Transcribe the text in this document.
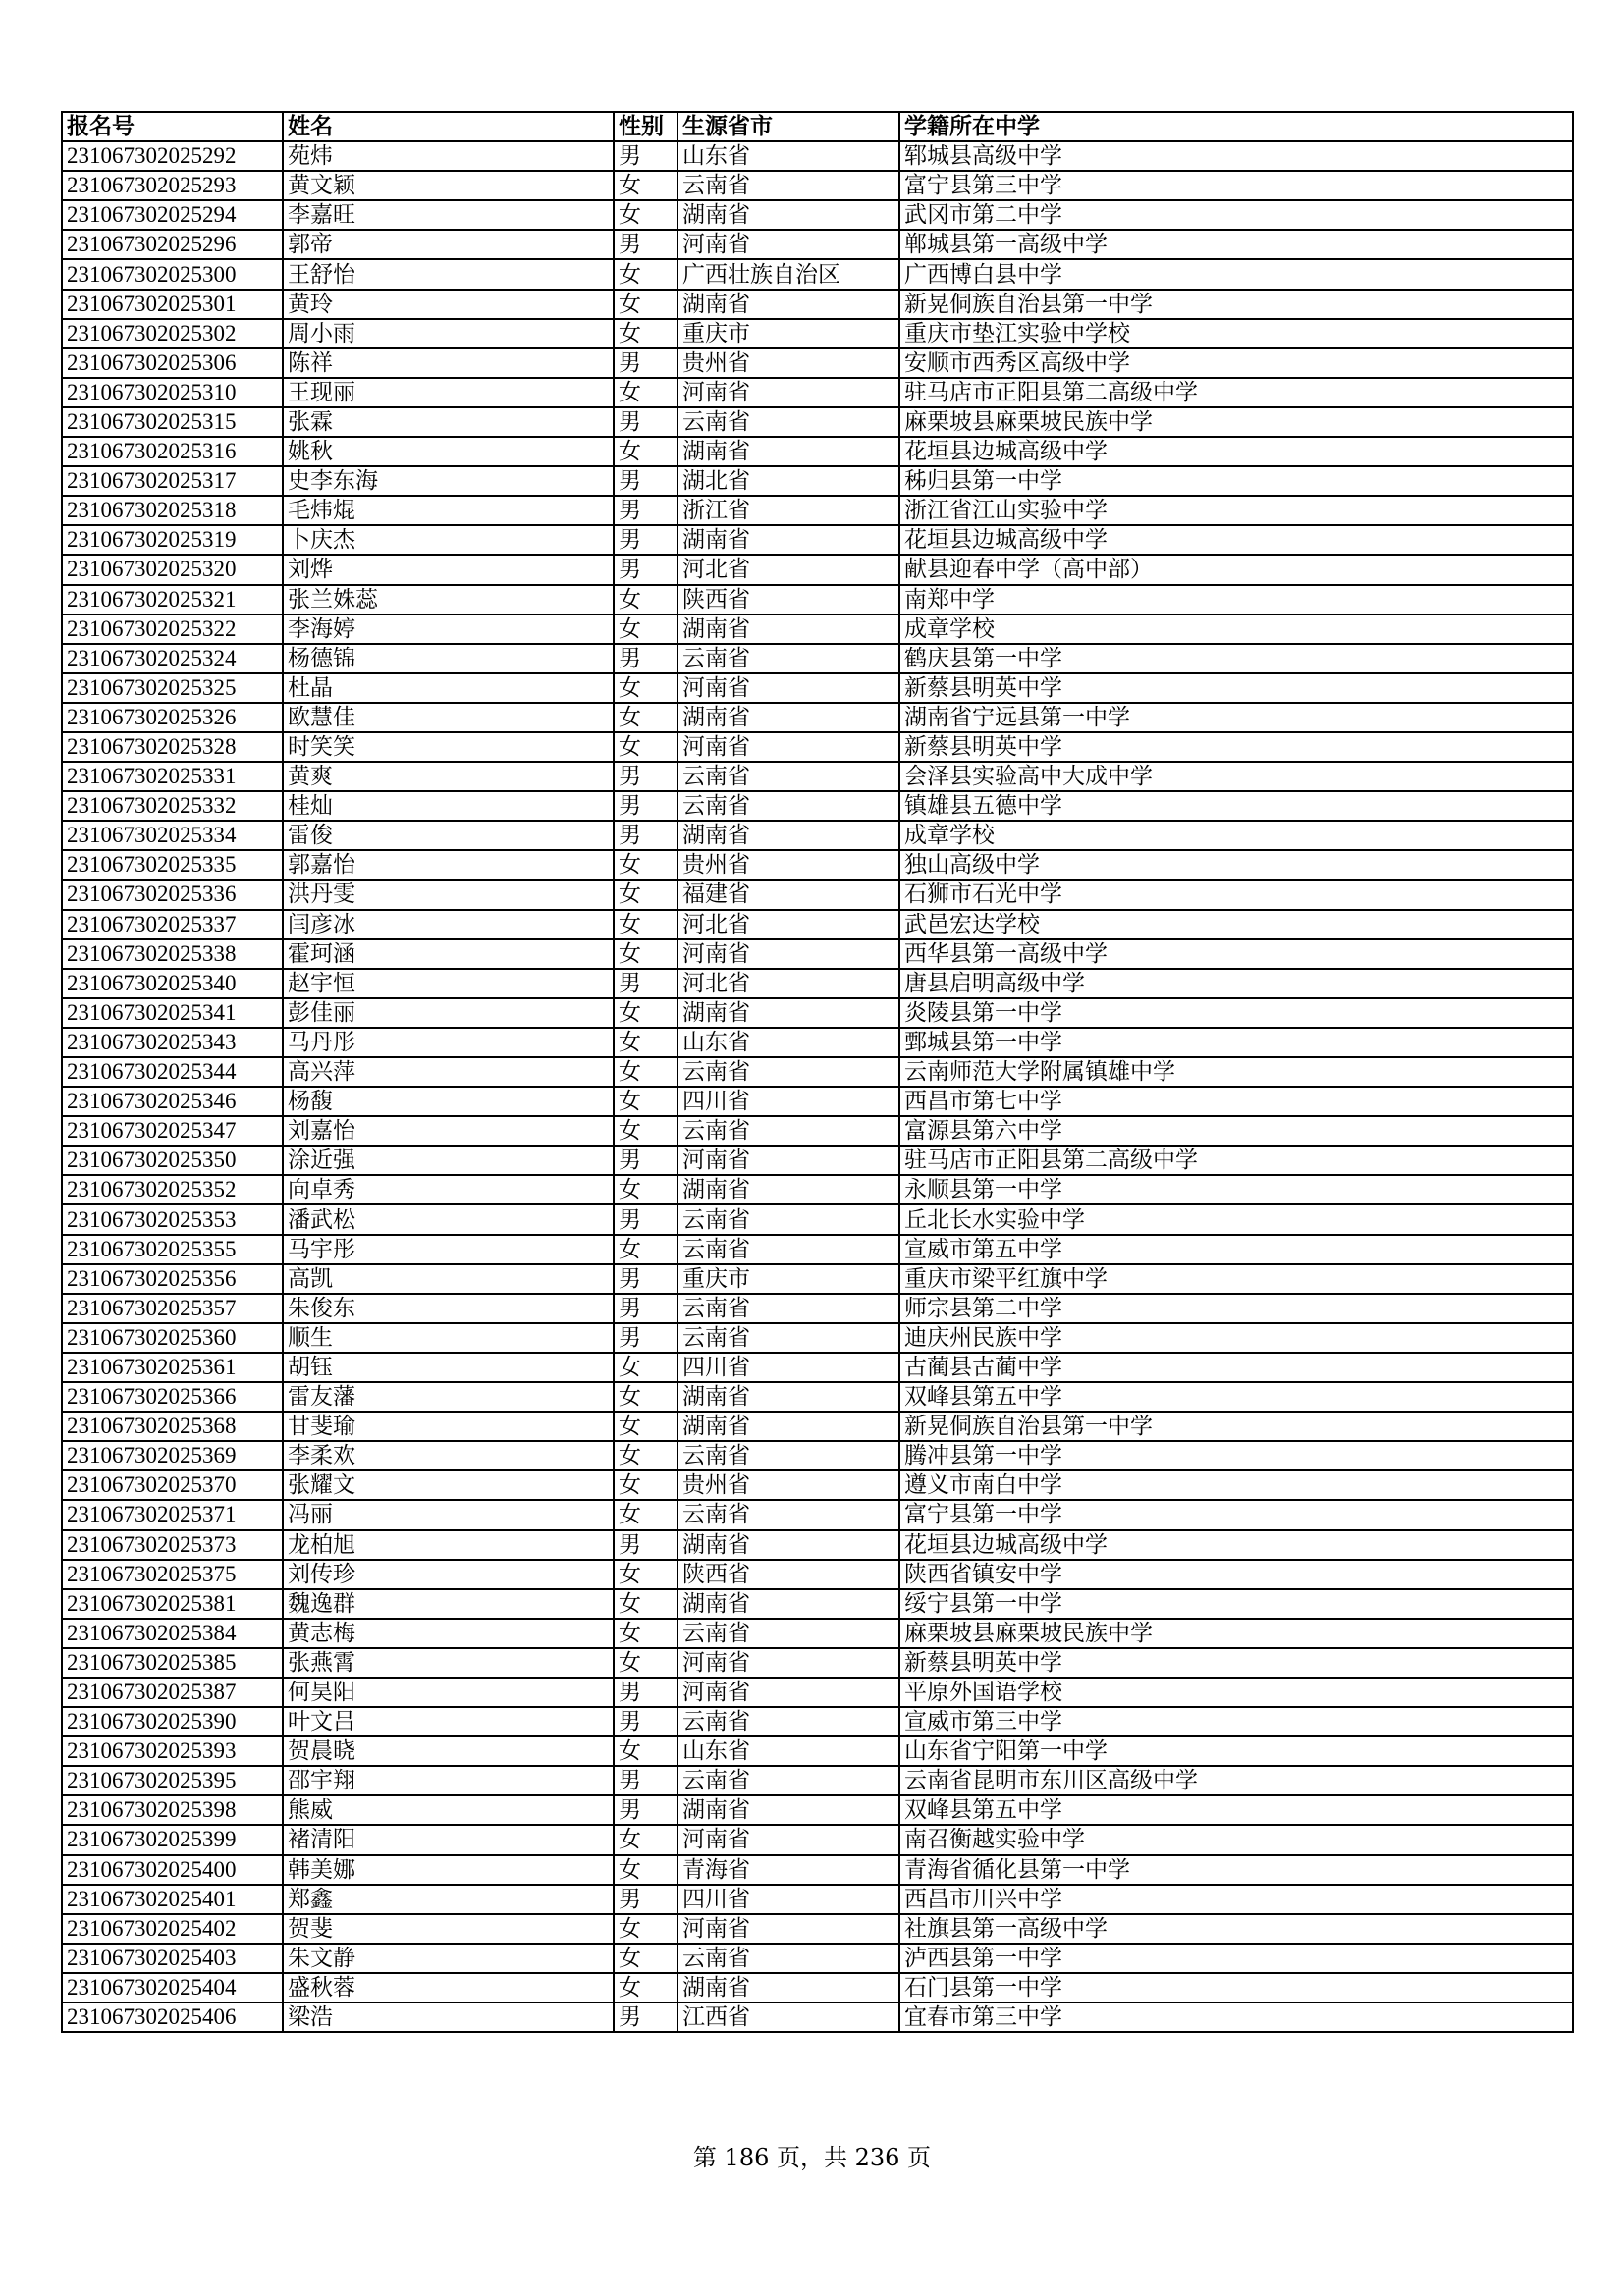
报名号	姓名	性别	生源省市	学籍所在中学
231067302025292	苑炜	男	山东省	郓城县高级中学
231067302025293	黄文颖	女	云南省	富宁县第三中学
231067302025294	李嘉旺	女	湖南省	武冈市第二中学
231067302025296	郭帝	男	河南省	郸城县第一高级中学
231067302025300	王舒怡	女	广西壮族自治区	广西博白县中学
231067302025301	黄玲	女	湖南省	新晃侗族自治县第一中学
231067302025302	周小雨	女	重庆市	重庆市垫江实验中学校
231067302025306	陈祥	男	贵州省	安顺市西秀区高级中学
231067302025310	王现丽	女	河南省	驻马店市正阳县第二高级中学
231067302025315	张霖	男	云南省	麻栗坡县麻栗坡民族中学
231067302025316	姚秋	女	湖南省	花垣县边城高级中学
231067302025317	史李东海	男	湖北省	秭归县第一中学
231067302025318	毛炜焜	男	浙江省	浙江省江山实验中学
231067302025319	卜庆杰	男	湖南省	花垣县边城高级中学
231067302025320	刘烨	男	河北省	献县迎春中学（高中部）
231067302025321	张兰姝蕊	女	陕西省	南郑中学
231067302025322	李海婷	女	湖南省	成章学校
231067302025324	杨德锦	男	云南省	鹤庆县第一中学
231067302025325	杜晶	女	河南省	新蔡县明英中学
231067302025326	欧慧佳	女	湖南省	湖南省宁远县第一中学
231067302025328	时笑笑	女	河南省	新蔡县明英中学
231067302025331	黄爽	男	云南省	会泽县实验高中大成中学
231067302025332	桂灿	男	云南省	镇雄县五德中学
231067302025334	雷俊	男	湖南省	成章学校
231067302025335	郭嘉怡	女	贵州省	独山高级中学
231067302025336	洪丹雯	女	福建省	石狮市石光中学
231067302025337	闫彦冰	女	河北省	武邑宏达学校
231067302025338	霍珂涵	女	河南省	西华县第一高级中学
231067302025340	赵宇恒	男	河北省	唐县启明高级中学
231067302025341	彭佳丽	女	湖南省	炎陵县第一中学
231067302025343	马丹彤	女	山东省	鄄城县第一中学
231067302025344	高兴萍	女	云南省	云南师范大学附属镇雄中学
231067302025346	杨馥	女	四川省	西昌市第七中学
231067302025347	刘嘉怡	女	云南省	富源县第六中学
231067302025350	涂近强	男	河南省	驻马店市正阳县第二高级中学
231067302025352	向卓秀	女	湖南省	永顺县第一中学
231067302025353	潘武松	男	云南省	丘北长水实验中学
231067302025355	马宇彤	女	云南省	宣威市第五中学
231067302025356	高凯	男	重庆市	重庆市梁平红旗中学
231067302025357	朱俊东	男	云南省	师宗县第二中学
231067302025360	顺生	男	云南省	迪庆州民族中学
231067302025361	胡钰	女	四川省	古蔺县古蔺中学
231067302025366	雷友藩	女	湖南省	双峰县第五中学
231067302025368	甘斐瑜	女	湖南省	新晃侗族自治县第一中学
231067302025369	李柔欢	女	云南省	腾冲县第一中学
231067302025370	张耀文	女	贵州省	遵义市南白中学
231067302025371	冯丽	女	云南省	富宁县第一中学
231067302025373	龙柏旭	男	湖南省	花垣县边城高级中学
231067302025375	刘传珍	女	陕西省	陕西省镇安中学
231067302025381	魏逸群	女	湖南省	绥宁县第一中学
231067302025384	黄志梅	女	云南省	麻栗坡县麻栗坡民族中学
231067302025385	张燕霄	女	河南省	新蔡县明英中学
231067302025387	何昊阳	男	河南省	平原外国语学校
231067302025390	叶文吕	男	云南省	宣威市第三中学
231067302025393	贺晨晓	女	山东省	山东省宁阳第一中学
231067302025395	邵宇翔	男	云南省	云南省昆明市东川区高级中学
231067302025398	熊威	男	湖南省	双峰县第五中学
231067302025399	褚清阳	女	河南省	南召衡越实验中学
231067302025400	韩美娜	女	青海省	青海省循化县第一中学
231067302025401	郑鑫	男	四川省	西昌市川兴中学
231067302025402	贺斐	女	河南省	社旗县第一高级中学
231067302025403	朱文静	女	云南省	泸西县第一中学
231067302025404	盛秋蓉	女	湖南省	石门县第一中学
231067302025406	梁浩	男	江西省	宜春市第三中学
第 186 页，共 236 页
